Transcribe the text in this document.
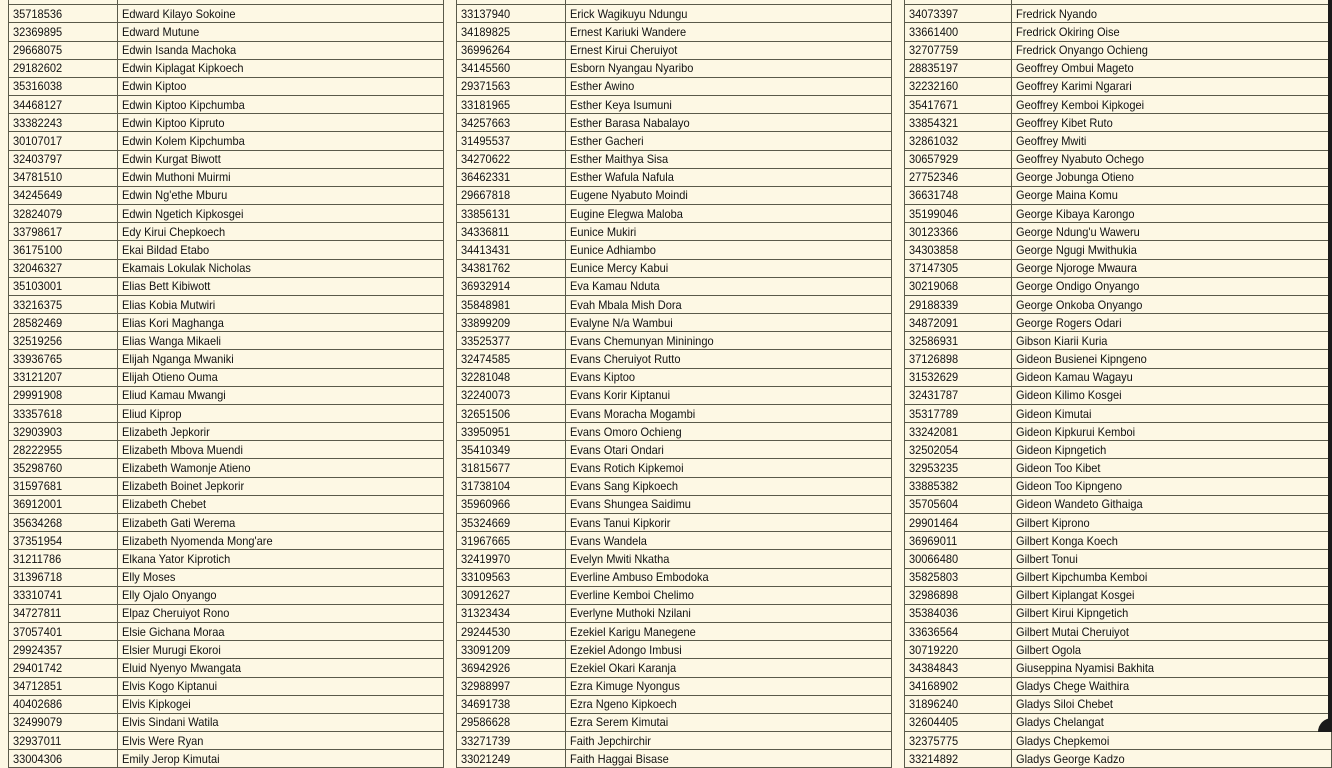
35718536	Edward Kilayo Sokoine
32369895	Edward Mutune
29668075	Edwin Isanda Machoka
29182602	Edwin Kiplagat Kipkoech
35316038	Edwin Kiptoo
34468127	Edwin Kiptoo Kipchumba
33382243	Edwin Kiptoo Kipruto
30107017	Edwin Kolem Kipchumba
32403797	Edwin Kurgat Biwott
34781510	Edwin Muthoni Muirmi
34245649	Edwin Ng'ethe Mburu
32824079	Edwin Ngetich Kipkosgei
33798617	Edy Kirui Chepkoech
36175100	Ekai Bildad Etabo
32046327	Ekamais Lokulak Nicholas
35103001	Elias Bett Kibiwott
33216375	Elias Kobia Mutwiri
28582469	Elias Kori Maghanga
32519256	Elias Wanga Mikaeli
33936765	Elijah Nganga Mwaniki
33121207	Elijah Otieno Ouma
29991908	Eliud Kamau Mwangi
33357618	Eliud Kiprop
32903903	Elizabeth Jepkorir
28222955	Elizabeth Mbova Muendi
35298760	Elizabeth Wamonje Atieno
31597681	Elizabeth Boinet Jepkorir
36912001	Elizabeth Chebet
35634268	Elizabeth Gati Werema
37351954	Elizabeth Nyomenda Mong'are
31211786	Elkana Yator Kiprotich
31396718	Elly Moses
33310741	Elly Ojalo Onyango
34727811	Elpaz Cheruiyot Rono
37057401	Elsie Gichana Moraa
29924357	Elsier Murugi Ekoroi
29401742	Eluid Nyenyo Mwangata
34712851	Elvis Kogo Kiptanui
40402686	Elvis Kipkogei
32499079	Elvis Sindani Watila
32937011	Elvis Were Ryan
33004306	Emily Jerop Kimutai

33137940	Erick Wagikuyu Ndungu
34189825	Ernest Kariuki Wandere
36996264	Ernest Kirui Cheruiyot
34145560	Esborn Nyangau Nyaribo
29371563	Esther Awino
33181965	Esther Keya Isumuni
34257663	Esther Barasa Nabalayo
31495537	Esther Gacheri
34270622	Esther Maithya Sisa
36462331	Esther Wafula Nafula
29667818	Eugene Nyabuto Moindi
33856131	Eugine Elegwa Maloba
34336811	Eunice Mukiri
34413431	Eunice Adhiambo
34381762	Eunice Mercy Kabui
36932914	Eva Kamau Nduta
35848981	Evah Mbala Mish Dora
33899209	Evalyne N/a Wambui
33525377	Evans Chemunyan Mininingo
32474585	Evans Cheruiyot Rutto
32281048	Evans Kiptoo
32240073	Evans Korir Kiptanui
32651506	Evans Moracha Mogambi
33950951	Evans Omoro Ochieng
35410349	Evans Otari Ondari
31815677	Evans Rotich Kipkemoi
31738104	Evans Sang Kipkoech
35960966	Evans Shungea Saidimu
35324669	Evans Tanui Kipkorir
31967665	Evans Wandela
32419970	Evelyn Mwiti Nkatha
33109563	Everline Ambuso Embodoka
30912627	Everline Kemboi Chelimo
31323434	Everlyne Muthoki Nzilani
29244530	Ezekiel Karigu Manegene
33091209	Ezekiel Adongo Imbusi
36942926	Ezekiel Okari Karanja
32988997	Ezra Kimuge Nyongus
34691738	Ezra Ngeno Kipkoech
29586628	Ezra Serem Kimutai
33271739	Faith Jepchirchir
33021249	Faith Haggai Bisase

34073397	Fredrick Nyando
33661400	Fredrick Okiring Oise
32707759	Fredrick Onyango Ochieng
28835197	Geoffrey Ombui Mageto
32232160	Geoffrey Karimi Ngarari
35417671	Geoffrey Kemboi Kipkogei
33854321	Geoffrey Kibet Ruto
32861032	Geoffrey Mwiti
30657929	Geoffrey Nyabuto Ochego
27752346	George Jobunga Otieno
36631748	George Maina Komu
35199046	George Kibaya Karongo
30123366	George Ndung'u Waweru
34303858	George Ngugi Mwithukia
37147305	George Njoroge Mwaura
30219068	George Ondigo Onyango
29188339	George Onkoba Onyango
34872091	George Rogers Odari
32586931	Gibson Kiarii Kuria
37126898	Gideon Busienei Kipngeno
31532629	Gideon Kamau Wagayu
32431787	Gideon Kilimo Kosgei
35317789	Gideon Kimutai
33242081	Gideon Kipkurui Kemboi
32502054	Gideon Kipngetich
32953235	Gideon Too Kibet
33885382	Gideon Too Kipngeno
35705604	Gideon Wandeto Githaiga
29901464	Gilbert Kiprono
36969011	Gilbert Konga Koech
30066480	Gilbert Tonui
35825803	Gilbert Kipchumba Kemboi
32986898	Gilbert Kiplangat Kosgei
35384036	Gilbert Kirui Kipngetich
33636564	Gilbert Mutai Cheruiyot
30719220	Gilbert Ogola
34384843	Giuseppina Nyamisi Bakhita
34168902	Gladys Chege Waithira
31896240	Gladys Siloi Chebet
32604405	Gladys Chelangat
32375775	Gladys Chepkemoi
33214892	Gladys George Kadzo
